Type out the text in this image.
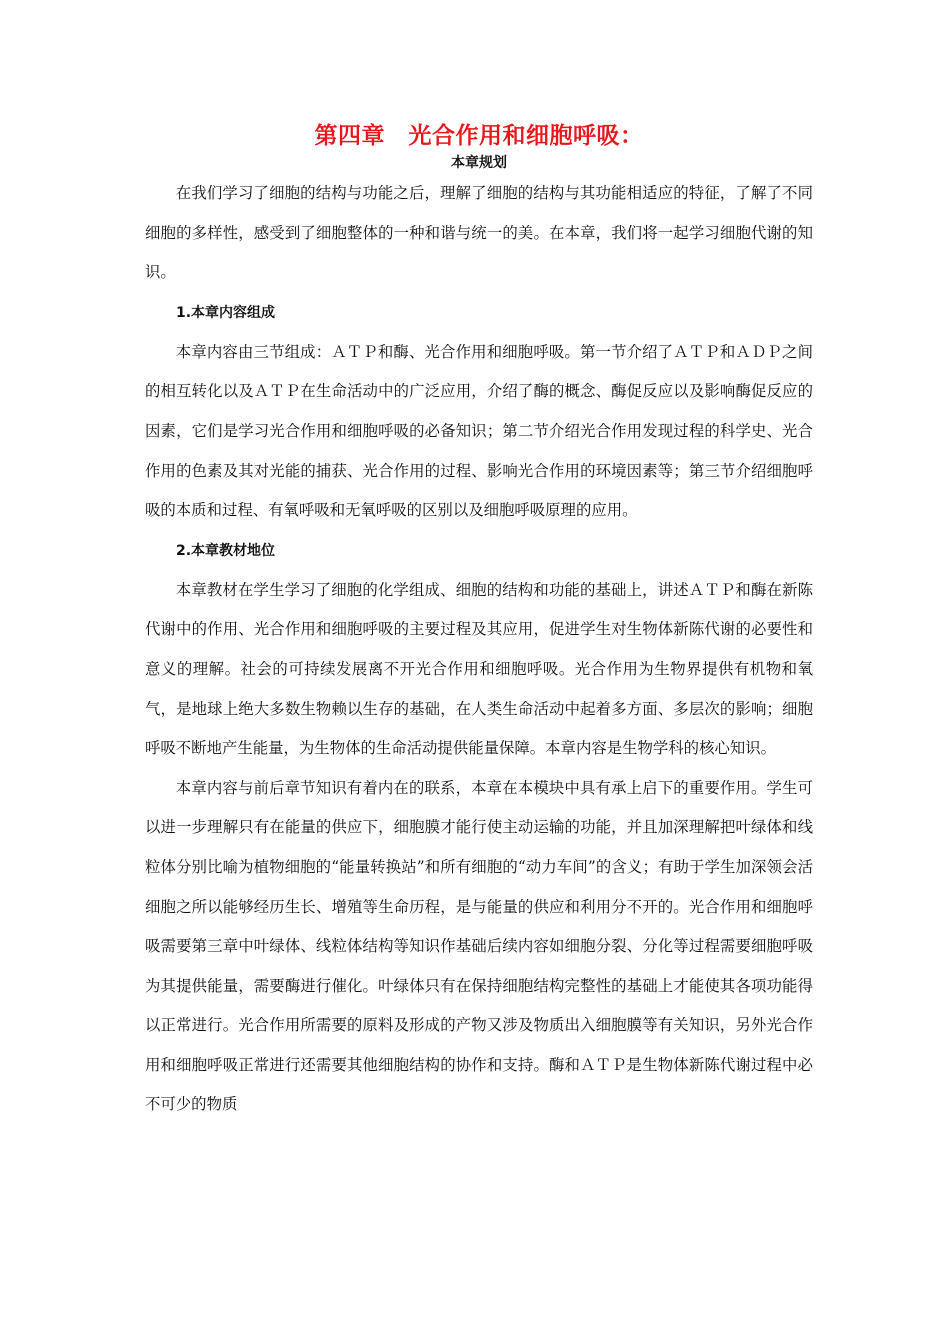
第四章　光合作用和细胞呼吸：
本章规划

在我们学习了细胞的结构与功能之后，理解了细胞的结构与其功能相适应的特征，了解了不同细胞的多样性，感受到了细胞整体的一种和谐与统一的美。在本章，我们将一起学习细胞代谢的知识。

1.本章内容组成

本章内容由三节组成：ＡＴＰ和酶、光合作用和细胞呼吸。第一节介绍了ＡＴＰ和ＡＤＰ之间的相互转化以及ＡＴＰ在生命活动中的广泛应用，介绍了酶的概念、酶促反应以及影响酶促反应的因素，它们是学习光合作用和细胞呼吸的必备知识；第二节介绍光合作用发现过程的科学史、光合作用的色素及其对光能的捕获、光合作用的过程、影响光合作用的环境因素等；第三节介绍细胞呼吸的本质和过程、有氧呼吸和无氧呼吸的区别以及细胞呼吸原理的应用。

2.本章教材地位

本章教材在学生学习了细胞的化学组成、细胞的结构和功能的基础上，讲述ＡＴＰ和酶在新陈代谢中的作用、光合作用和细胞呼吸的主要过程及其应用，促进学生对生物体新陈代谢的必要性和意义的理解。社会的可持续发展离不开光合作用和细胞呼吸。光合作用为生物界提供有机物和氧气，是地球上绝大多数生物赖以生存的基础，在人类生命活动中起着多方面、多层次的影响；细胞呼吸不断地产生能量，为生物体的生命活动提供能量保障。本章内容是生物学科的核心知识。

本章内容与前后章节知识有着内在的联系，本章在本模块中具有承上启下的重要作用。学生可以进一步理解只有在能量的供应下，细胞膜才能行使主动运输的功能，并且加深理解把叶绿体和线粒体分别比喻为植物细胞的“能量转换站”和所有细胞的“动力车间”的含义；有助于学生加深领会活细胞之所以能够经历生长、增殖等生命历程，是与能量的供应和利用分不开的。光合作用和细胞呼吸需要第三章中叶绿体、线粒体结构等知识作基础后续内容如细胞分裂、分化等过程需要细胞呼吸为其提供能量，需要酶进行催化。叶绿体只有在保持细胞结构完整性的基础上才能使其各项功能得以正常进行。光合作用所需要的原料及形成的产物又涉及物质出入细胞膜等有关知识，另外光合作用和细胞呼吸正常进行还需要其他细胞结构的协作和支持。酶和ＡＴＰ是生物体新陈代谢过程中必不可少的物质
